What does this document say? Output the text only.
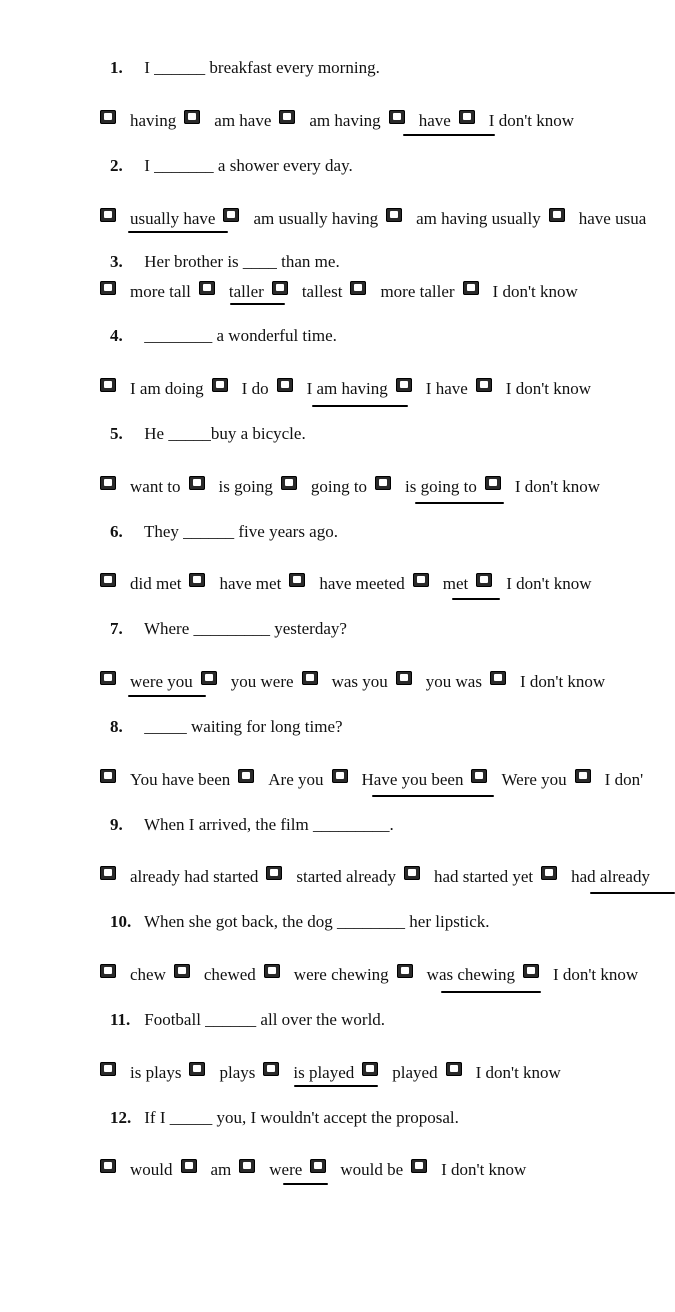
1. I ______ breakfast every morning.
having am have am having have I don't know
2. I _______ a shower every day.
usually have am usually having am having usually have usua
3. Her brother is ____ than me.
more tall taller tallest more taller I don't know
4. ________ a wonderful time.
I am doing I do I am having I have I don't know
5. He _____buy a bicycle.
want to is going going to is going to I don't know
6. They ______ five years ago.
did met have met have meeted met I don't know
7. Where _________ yesterday?
were you you were was you you was I don't know
8. _____ waiting for long time?
You have been Are you Have you been Were you I don'
9. When I arrived, the film _________.
already had started started already had started yet had already
10. When she got back, the dog ________ her lipstick.
chew chewed were chewing was chewing I don't know
11. Football ______ all over the world.
is plays plays is played played I don't know
12. If I _____ you, I wouldn't accept the proposal.
would am were would be I don't know
